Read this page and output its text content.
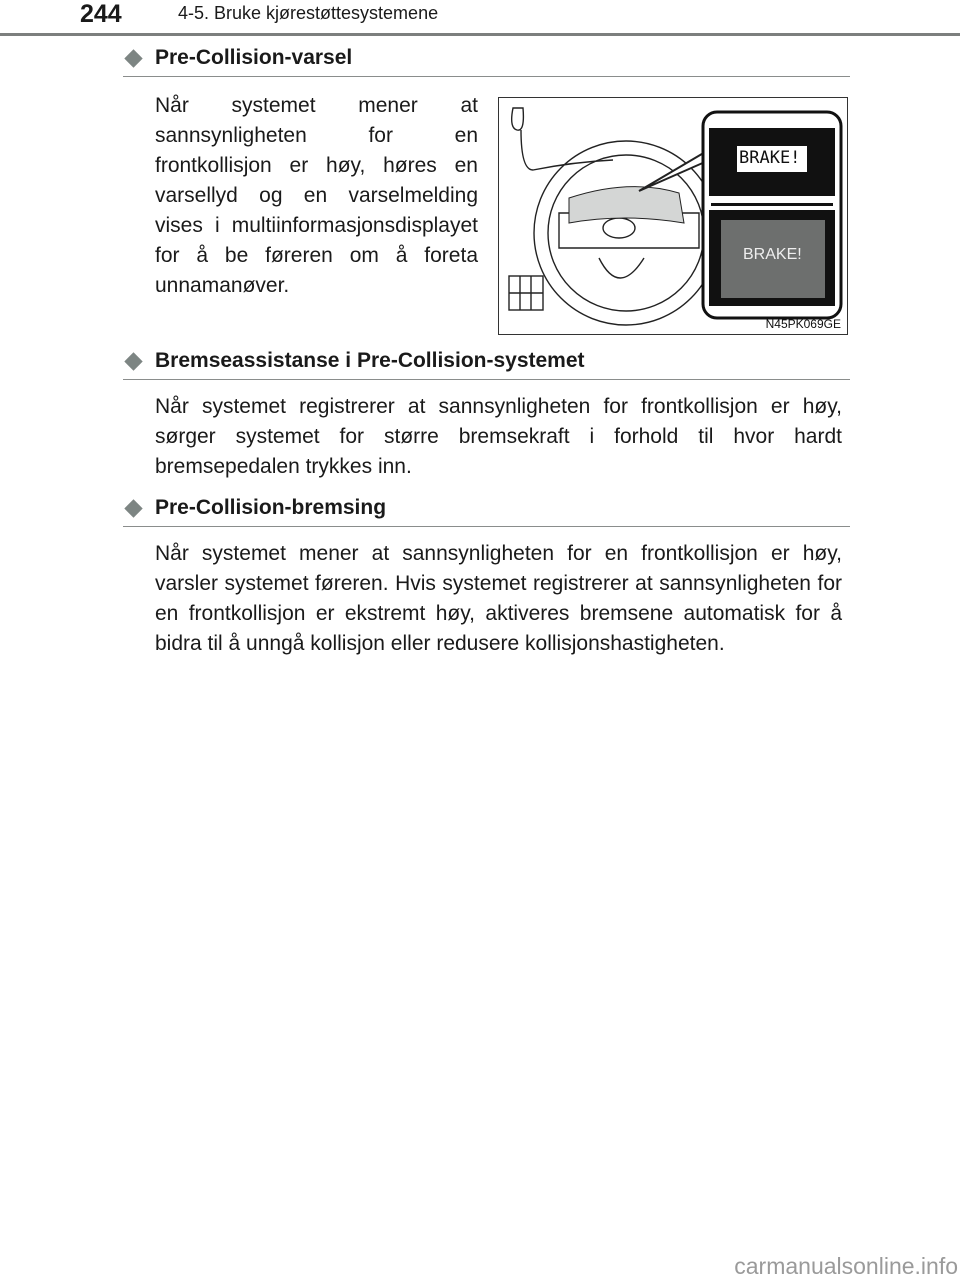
244	4-5. Bruke kjørestøttesystemene
Pre-Collision-varsel
Når systemet mener at sannsynligheten for en frontkollisjon er høy, høres en varsellyd og en varselmelding vises i multiinformasjonsdisplayet for å be føreren om å foreta unnamanøver.
BRAKE!
BRAKE!
N45PK069GE
Bremseassistanse i Pre-Collision-systemet
Når systemet registrerer at sannsynligheten for frontkollisjon er høy, sørger systemet for større bremsekraft i forhold til hvor hardt bremsepedalen trykkes inn.
Pre-Collision-bremsing
Når systemet mener at sannsynligheten for en frontkollisjon er høy, varsler systemet føreren. Hvis systemet registrerer at sannsynligheten for en frontkollisjon er ekstremt høy, aktiveres bremsene automatisk for å bidra til å unngå kollisjon eller redusere kollisjonshastigheten.
carmanualsonline.info
